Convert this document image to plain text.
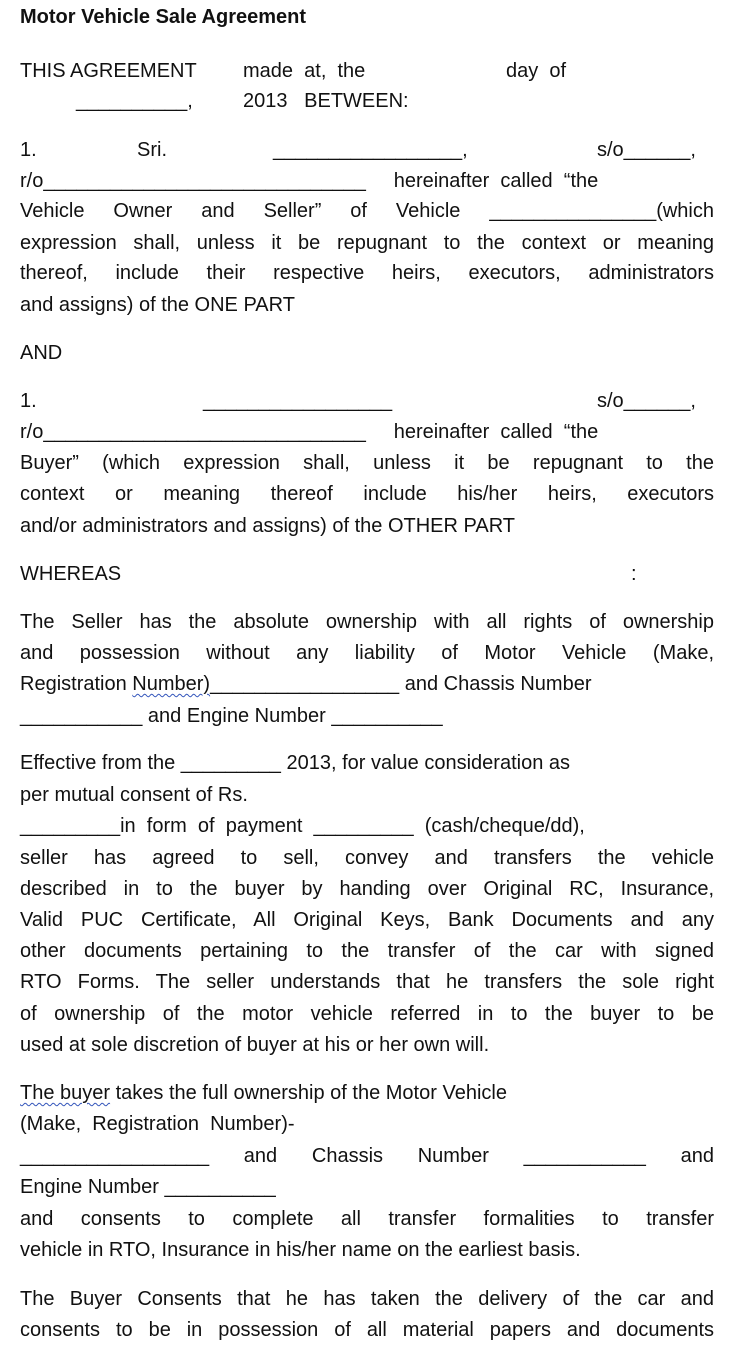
Motor Vehicle Sale Agreement
THIS AGREEMENT made  at,  the	day  of
__________,	2013   BETWEEN:
1.	Sri.	_________________,	s/o______,
r/o_____________________________     hereinafter  called  “the
Vehicle Owner and Seller” of Vehicle _______________(which
expression shall, unless it be repugnant to the context or meaning
thereof, include their respective heirs, executors, administrators
and assigns) of the ONE PART
AND
1.	_________________	s/o______,
r/o_____________________________     hereinafter  called  “the
Buyer” (which expression shall, unless it be repugnant to the
context or meaning thereof include his/her heirs, executors
and/or administrators and assigns) of the OTHER PART
WHEREAS	:
The Seller has the absolute ownership with all rights of ownership
and possession without any liability of Motor Vehicle (Make,
Registration Number)_________________ and Chassis Number
___________ and Engine Number __________
Effective from the _________ 2013, for value consideration as
per mutual consent of Rs.
_________in  form  of  payment  _________  (cash/cheque/dd),
seller has agreed to sell, convey and transfers the vehicle
described in to the buyer by handing over Original RC, Insurance,
Valid PUC Certificate, All Original Keys, Bank Documents and any
other documents pertaining to the transfer of the car with signed
RTO Forms. The seller understands that he transfers the sole right
of ownership of the motor vehicle referred in to the buyer to be
used at sole discretion of buyer at his or her own will.
The buyer takes the full ownership of the Motor Vehicle
(Make,  Registration  Number)-
_________________ and Chassis Number ___________ and
Engine Number __________
and consents to complete all transfer formalities to transfer
vehicle in RTO, Insurance in his/her name on the earliest basis.
The Buyer Consents that he has taken the delivery of the car and
consents to be in possession of all material papers and documents
